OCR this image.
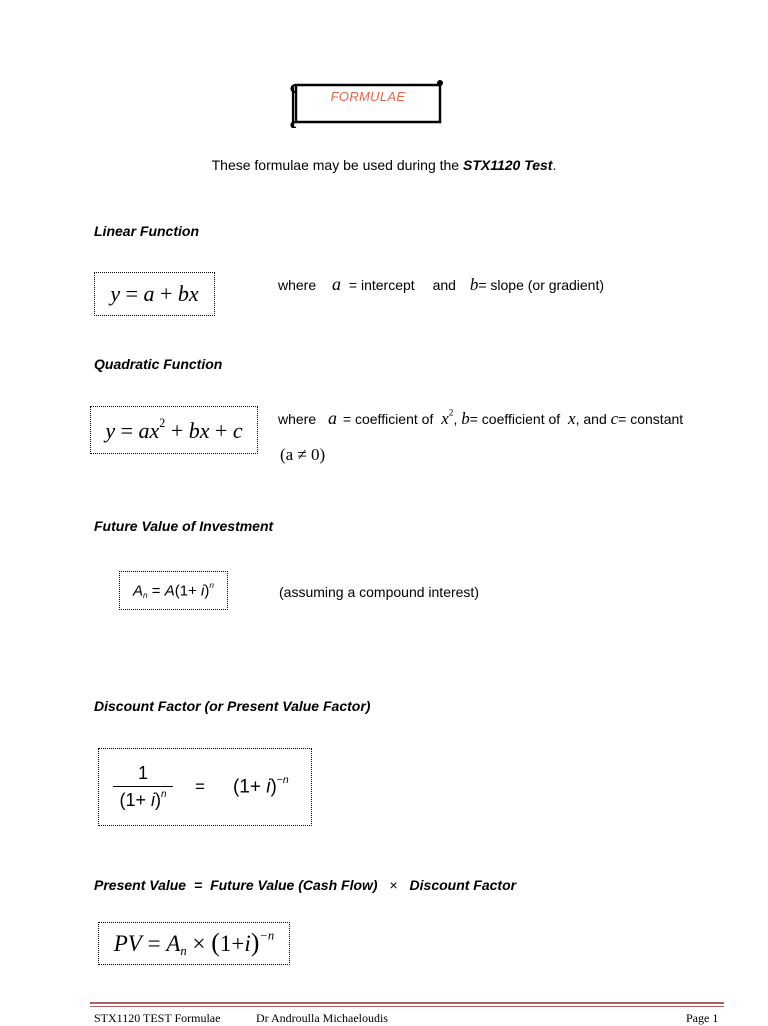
FORMULAE
These formulae may be used during the STX1120 Test.
Linear Function
y = a + bx	where a = intercept and b= slope (or gradient)
Quadratic Function
$y = ax^2$ + bx + c	where a = coefficient of $x^2$, b= coefficient of x, and c= constant
(a ≠ 0)
Future Value of Investment
$A_n = A(1+ i)^n$	(assuming a compound interest)
Discount Factor (or Present Value Factor)
1
$(1+ i)^n = (1+ i)^{-n}$
Present Value = Future Value (Cash Flow) × Discount Factor
PV = $A_n \times (1+i)^{-n}$
STX1120 TEST Formulae	Dr Androulla Michaeloudis	Page 1
